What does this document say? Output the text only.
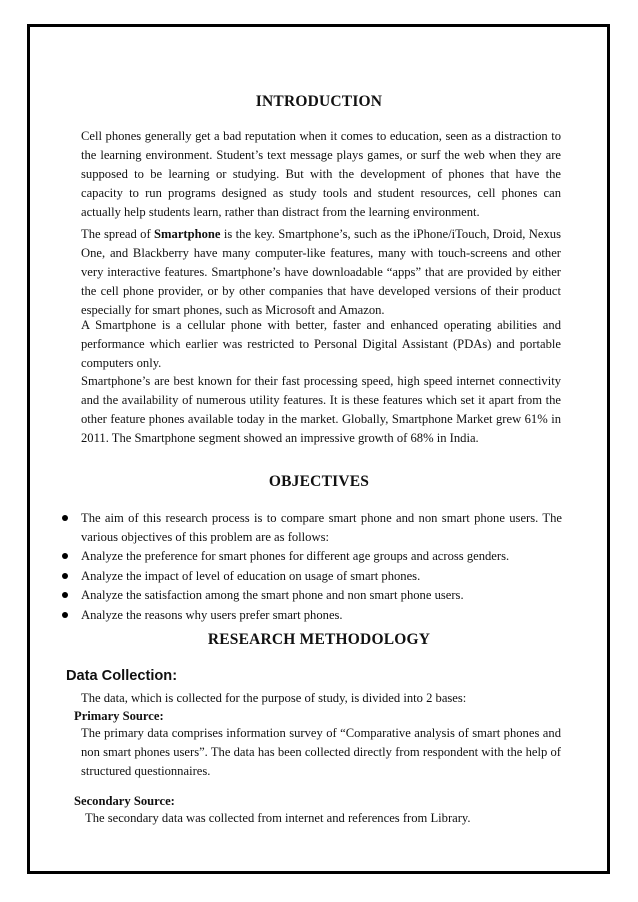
INTRODUCTION

Cell phones generally get a bad reputation when it comes to education, seen as a distraction to the learning environment. Student’s text message plays games, or surf the web when they are supposed to be learning or studying. But with the development of phones that have the capacity to run programs designed as study tools and student resources, cell phones can actually help students learn, rather than distract from the learning environment.

The spread of Smartphone is the key. Smartphone’s, such as the iPhone/iTouch, Droid, Nexus One, and Blackberry have many computer-like features, many with touch-screens and other very interactive features. Smartphone’s have downloadable “apps” that are provided by either the cell phone provider, or by other companies that have developed versions of their product especially for smart phones, such as Microsoft and Amazon.

A Smartphone is a cellular phone with better, faster and enhanced operating abilities and performance which earlier was restricted to Personal Digital Assistant (PDAs) and portable computers only.

Smartphone’s are best known for their fast processing speed, high speed internet connectivity and the availability of numerous utility features. It is these features which set it apart from the other feature phones available today in the market. Globally, Smartphone Market grew 61% in 2011. The Smartphone segment showed an impressive growth of 68% in India.

OBJECTIVES
The aim of this research process is to compare smart phone and non smart phone users. The various objectives of this problem are as follows:
Analyze the preference for smart phones for different age groups and across genders.
Analyze the impact of level of education on usage of smart phones.
Analyze the satisfaction among the smart phone and non smart phone users.
Analyze the reasons why users prefer smart phones.
RESEARCH METHODOLOGY
Data Collection:
The data, which is collected for the purpose of study, is divided into 2 bases:
Primary Source:

The primary data comprises information survey of “Comparative analysis of smart phones and non smart phones users”. The data has been collected directly from respondent with the help of structured questionnaires.

Secondary Source:
The secondary data was collected from internet and references from Library.
